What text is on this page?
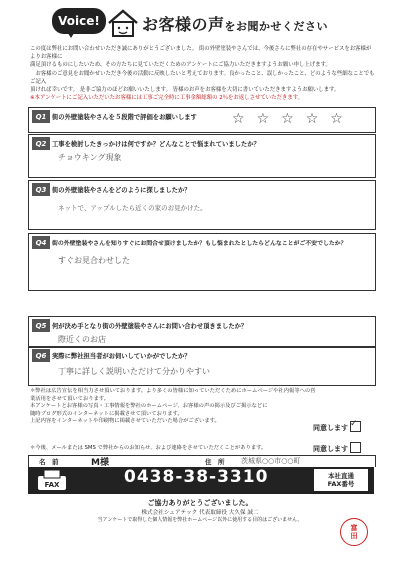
Voice!	お客様の声をお聞かせください
この度は弊社にお問い合わせいただき誠にありがとうございました。 街の外壁塗装やさんでは、今後さらに弊社の存在やサービスをお客様がよりお客様に
満足頂けるものにしたいため、その方たちに見ていただくためのアンケートにご協力いただきますようお願い申し上げます。
　お客様のご意見をお聞かせいただき今後の活動に反映したいと考えております。良かったこと、誤しかったこと、どのような些細なことでもご記入
頂ければ幸いです。 是非ご協力のほどお願いいたします。 皆様のお声をお客様を大切に書いていただきますようお願いします。
※本アンケートにご記入いただいたお客様には工事ご完全時に工事金額総額の 2％をお返しさせていただきます。
Q1 街の外壁塗装やさんを５段階で評価をお願いします	☆ ☆ ☆ ☆ ☆
Q2 工事を検討したきっかけは何ですか？どんなことで悩まれていましたか？
チョウキング現象
Q3 街の外壁塗装やさんをどのように探しましたか？
ネットで、アップルしたら近くの家のお見かけた。
Q4 街の外壁塗装やさんを知りすぐにお問合せ頂けましたか？もし悩まれたとしたらどんなことがご不安でしたか？
すぐお見合わせした
Q5 何が決め手となり街の外壁塗装やさんにお問い合わせ頂きましたか？
際近くのお店
Q6 実際に弊社担当者がお伺いしていかがでしたか？
丁寧に詳しく説明いただけて分かりやすい
＊弊社は広告宣伝を相当力させ頂いております。より多くの皆様に知っていただくためにホームページや社内報等への営業活用をさせて頂いております。
本アンケートとお客様の写真・工事情報を弊社のホームページ、お客様の声の掲示及びご掲示などに
随時ブログ形式のインターネットに掲載させて頂いております。
上記内容をインターネットや印刷物に掲載させていただいた場合がございます。
同意します ✓
＊今後、メールまたは SMS で弊社からのお知らせ、および連絡をさせていただくことがあります。	同意します
FAX	0438-38-3310	本社直通
FAX番号
ご協力ありがとうございました。
株式会社シェアテック 代表取締役 大久保 誠二
当アンケートで取得した個人情報を弊社ホームページ以外に使用する目的はございません。
富
田
名　前	M様	住　所 茨城県○○市○○町
